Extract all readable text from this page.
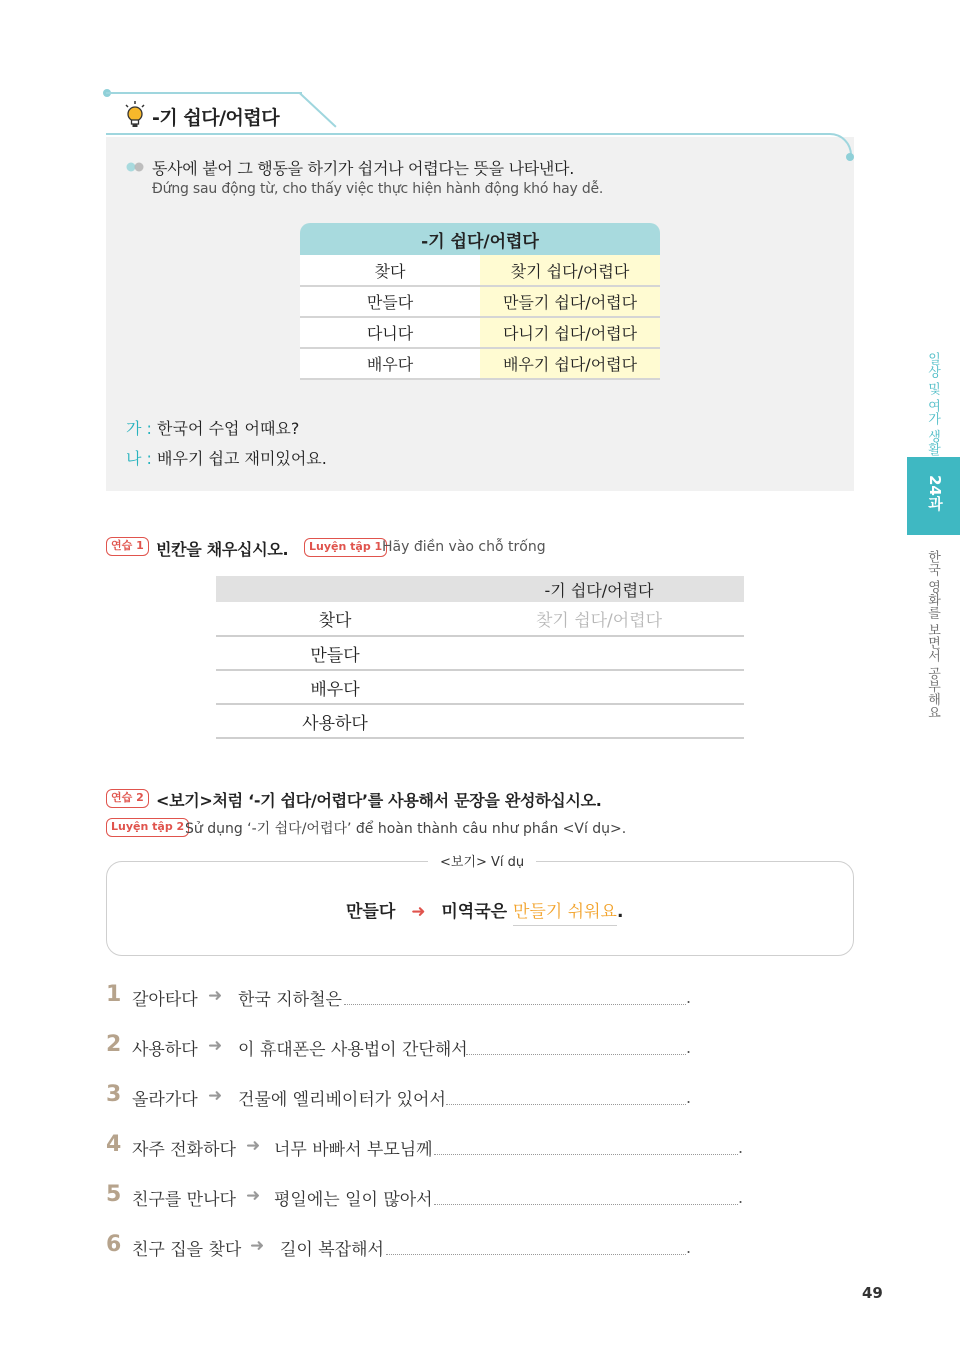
-기 쉽다/어렵다
동사에 붙어 그 행동을 하기가 쉽거나 어렵다는 뜻을 나타낸다.
Đứng sau động từ, cho thấy việc thực hiện hành động khó hay dễ.
-기 쉽다/어렵다	
찾다	찾기 쉽다/어렵다
만들다	만들기 쉽다/어렵다
다니다	다니기 쉽다/어렵다
배우다	배우기 쉽다/어렵다
가 : 한국어 수업 어때요?
나 : 배우기 쉽고 재미있어요.
연습 1 빈칸을 채우십시오.	Luyện tập 1 Hãy điền vào chỗ trống
	-기 쉽다/어렵다
찾다	찾기 쉽다/어렵다
만들다	
배우다	
사용하다	
연습 2 <보기>처럼 ‘-기 쉽다/어렵다’를 사용해서 문장을 완성하십시오.
Luyện tập 2 Sử dụng ‘-기 쉽다/어렵다’ để hoàn thành câu như phần <Ví dụ>.
<보기> Ví dụ
만들다 ➜ 미역국은 만들기 쉬워요.
1 갈아타다 ➜ 한국 지하철은	.
2 사용하다 ➜ 이 휴대폰은 사용법이 간단해서	.
3 올라가다 ➜ 건물에 엘리베이터가 있어서	.
4 자주 전화하다 ➜ 너무 바빠서 부모님께	.
5 친구를 만나다 ➜ 평일에는 일이 많아서	.
6 친구 집을 찾다 ➜ 길이 복잡해서	.
일상 및 여가 생활
24과
한국 영화를 보면서 공부해요
49
